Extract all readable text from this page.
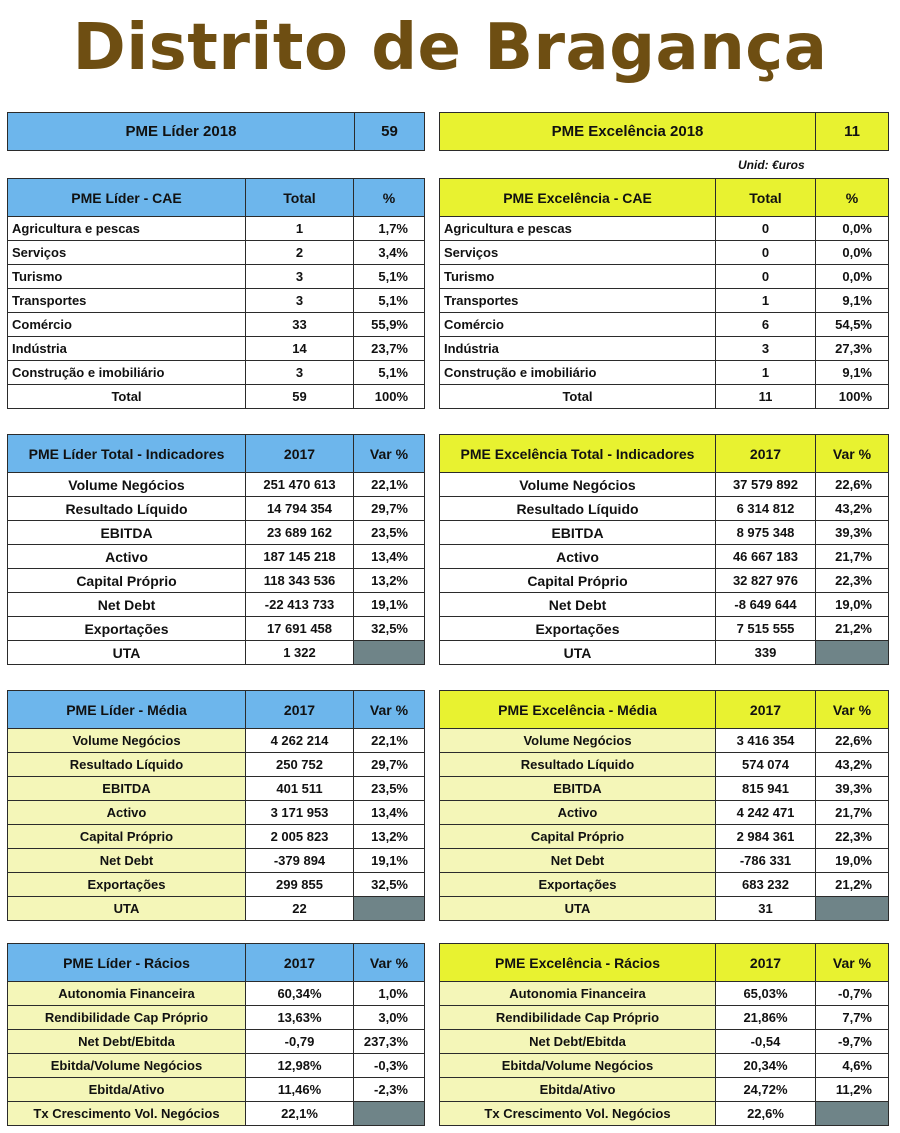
Distrito de Bragança
Unid: €uros
PME Líder 2018	59	PME Excelência 2018	11
PME Líder - CAE	Total	%
Agricultura e pescas	1	1,7%
Serviços	2	3,4%
Turismo	3	5,1%
Transportes	3	5,1%
Comércio	33	55,9%
Indústria	14	23,7%
Construção e imobiliário	3	5,1%
Total	59	100%
PME Excelência - CAE	Total	%
Agricultura e pescas	0	0,0%
Serviços	0	0,0%
Turismo	0	0,0%
Transportes	1	9,1%
Comércio	6	54,5%
Indústria	3	27,3%
Construção e imobiliário	1	9,1%
Total	11	100%
PME Líder Total - Indicadores	2017	Var %
Volume Negócios	251 470 613	22,1%
Resultado Líquido	14 794 354	29,7%
EBITDA	23 689 162	23,5%
Activo	187 145 218	13,4%
Capital Próprio	118 343 536	13,2%
Net Debt	-22 413 733	19,1%
Exportações	17 691 458	32,5%
UTA	1 322	
PME Excelência Total - Indicadores	2017	Var %
Volume Negócios	37 579 892	22,6%
Resultado Líquido	6 314 812	43,2%
EBITDA	8 975 348	39,3%
Activo	46 667 183	21,7%
Capital Próprio	32 827 976	22,3%
Net Debt	-8 649 644	19,0%
Exportações	7 515 555	21,2%
UTA	339	
PME Líder - Média	2017	Var %
Volume Negócios	4 262 214	22,1%
Resultado Líquido	250 752	29,7%
EBITDA	401 511	23,5%
Activo	3 171 953	13,4%
Capital Próprio	2 005 823	13,2%
Net Debt	-379 894	19,1%
Exportações	299 855	32,5%
UTA	22	
PME Excelência - Média	2017	Var %
Volume Negócios	3 416 354	22,6%
Resultado Líquido	574 074	43,2%
EBITDA	815 941	39,3%
Activo	4 242 471	21,7%
Capital Próprio	2 984 361	22,3%
Net Debt	-786 331	19,0%
Exportações	683 232	21,2%
UTA	31	
PME Líder - Rácios	2017	Var %
Autonomia Financeira	60,34%	1,0%
Rendibilidade Cap Próprio	13,63%	3,0%
Net Debt/Ebitda	-0,79	237,3%
Ebitda/Volume Negócios	12,98%	-0,3%
Ebitda/Ativo	11,46%	-2,3%
Tx Crescimento Vol. Negócios	22,1%	
PME Excelência - Rácios	2017	Var %
Autonomia Financeira	65,03%	-0,7%
Rendibilidade Cap Próprio	21,86%	7,7%
Net Debt/Ebitda	-0,54	-9,7%
Ebitda/Volume Negócios	20,34%	4,6%
Ebitda/Ativo	24,72%	11,2%
Tx Crescimento Vol. Negócios	22,6%	
